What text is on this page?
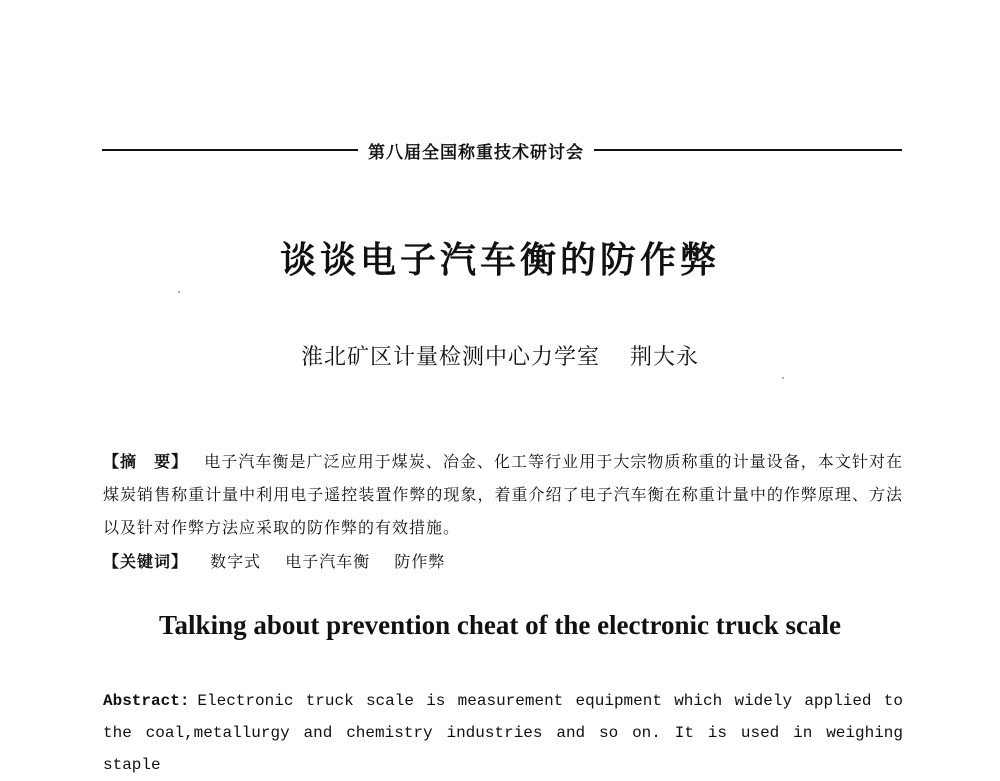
第八届全国称重技术研讨会
谈谈电子汽车衡的防作弊
淮北矿区计量检测中心力学室 荆大永
【摘　要】 电子汽车衡是广泛应用于煤炭、冶金、化工等行业用于大宗物质称重的计量设备，本文针对在煤炭销售称重计量中利用电子遥控装置作弊的现象，着重介绍了电子汽车衡在称重计量中的作弊原理、方法以及针对作弊方法应采取的防作弊的有效措施。
【关键词】 数字式 电子汽车衡 防作弊
Talking about prevention cheat of the electronic truck scale
Abstract: Electronic truck scale is measurement equipment which widely applied to the coal,metallurgy and chemistry industries and so on. It is used in weighing staple
